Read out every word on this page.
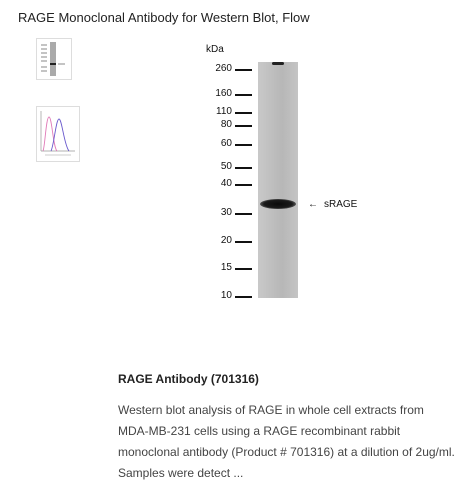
RAGE Monoclonal Antibody for Western Blot, Flow
kDa
260
160
110
80
60
50
40
30
20
15
10
← sRAGE
RAGE Antibody (701316)
Western blot analysis of RAGE in whole cell extracts from MDA-MB-231 cells using a RAGE recombinant rabbit monoclonal antibody (Product # 701316) at a dilution of 2ug/ml. Samples were detect ...
